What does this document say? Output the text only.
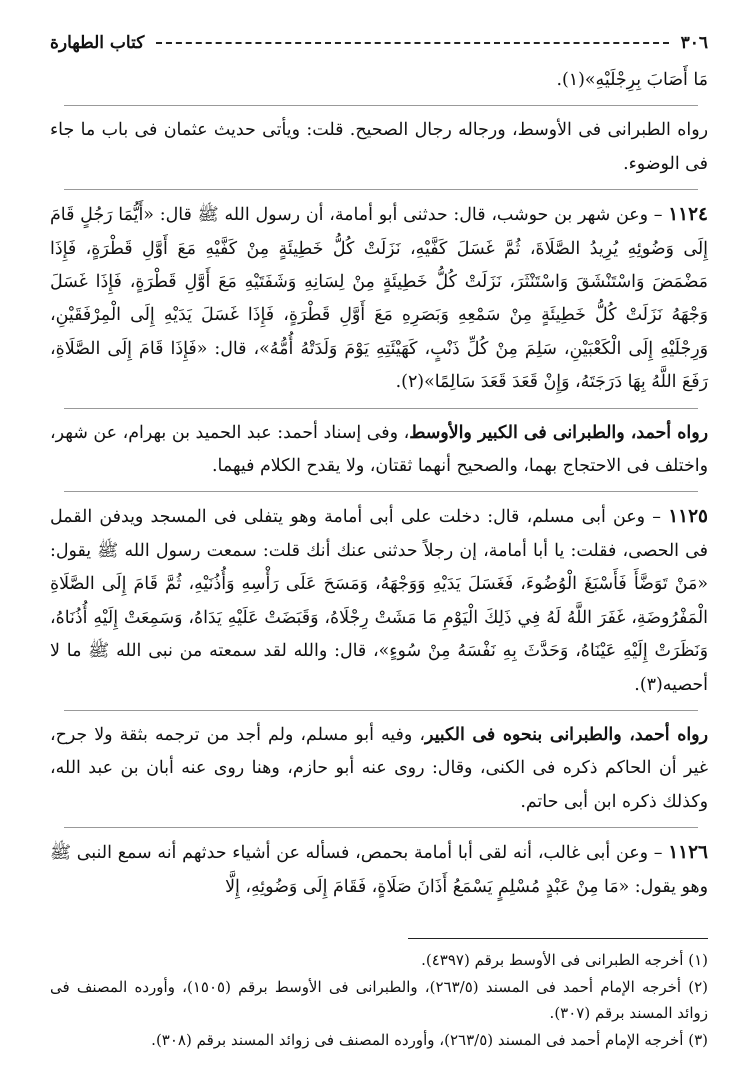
٣٠٦
كتاب الطهارة

مَا أَصَابَ بِرِجْلَيْهِ»(١).

رواه الطبرانى فى الأوسط، ورجاله رجال الصحيح. قلت: ويأتى حديث عثمان فى باب ما جاء فى الوضوء.

١١٢٤ – وعن شهر بن حوشب، قال: حدثنى أبو أمامة، أن رسول الله ﷺ قال: «أَيُّمَا رَجُلٍ قَامَ إِلَى وَضُوئِهِ يُرِيدُ الصَّلَاةَ، ثُمَّ غَسَلَ كَفَّيْهِ، نَزَلَتْ كُلُّ خَطِيئَةٍ مِنْ كَفَّيْهِ مَعَ أَوَّلِ قَطْرَةٍ، فَإِذَا مَضْمَضَ وَاسْتَنْشَقَ وَاسْتَنْثَرَ، نَزَلَتْ كُلُّ خَطِيئَةٍ مِنْ لِسَانِهِ وَشَفَتَيْهِ مَعَ أَوَّلِ قَطْرَةٍ، فَإِذَا غَسَلَ وَجْهَهُ نَزَلَتْ كُلُّ خَطِيئَةٍ مِنْ سَمْعِهِ وَبَصَرِهِ مَعَ أَوَّلِ قَطْرَةٍ، فَإِذَا غَسَلَ يَدَيْهِ إِلَى الْمِرْفَقَيْنِ، وَرِجْلَيْهِ إِلَى الْكَعْبَيْنِ، سَلِمَ مِنْ كُلِّ ذَنْبٍ، كَهَيْئَتِهِ يَوْمَ وَلَدَتْهُ أُمُّهُ»، قال: «فَإِذَا قَامَ إِلَى الصَّلَاةِ، رَفَعَ اللَّهُ بِهَا دَرَجَتَهُ، وَإِنْ قَعَدَ قَعَدَ سَالِمًا»(٢).

رواه أحمد، والطبرانى فى الكبير والأوسط، وفى إسناد أحمد: عبد الحميد بن بهرام، عن شهر، واختلف فى الاحتجاج بهما، والصحيح أنهما ثقتان، ولا يقدح الكلام فيهما.

١١٢٥ – وعن أبى مسلم، قال: دخلت على أبى أمامة وهو يتفلى فى المسجد ويدفن القمل فى الحصى، فقلت: يا أبا أمامة، إن رجلاً حدثنى عنك أنك قلت: سمعت رسول الله ﷺ يقول: «مَنْ تَوَضَّأَ فَأَسْبَغَ الْوُضُوءَ، فَغَسَلَ يَدَيْهِ وَوَجْهَهُ، وَمَسَحَ عَلَى رَأْسِهِ وَأُذُنَيْهِ، ثُمَّ قَامَ إِلَى الصَّلَاةِ الْمَفْرُوضَةِ، غَفَرَ اللَّهُ لَهُ فِي ذَلِكَ الْيَوْمِ مَا مَشَتْ رِجْلَاهُ، وَقَبَضَتْ عَلَيْهِ يَدَاهُ، وَسَمِعَتْ إِلَيْهِ أُذُنَاهُ، وَنَظَرَتْ إِلَيْهِ عَيْنَاهُ، وَحَدَّثَ بِهِ نَفْسَهُ مِنْ سُوءٍ»، قال: والله لقد سمعته من نبى الله ﷺ ما لا أحصيه(٣).

رواه أحمد، والطبرانى بنحوه فى الكبير، وفيه أبو مسلم، ولم أجد من ترجمه بثقة ولا جرح، غير أن الحاكم ذكره فى الكنى، وقال: روى عنه أبو حازم، وهنا روى عنه أبان بن عبد الله، وكذلك ذكره ابن أبى حاتم.

١١٢٦ – وعن أبى غالب، أنه لقى أبا أمامة بحمص، فسأله عن أشياء حدثهم أنه سمع النبى ﷺ وهو يقول: «مَا مِنْ عَبْدٍ مُسْلِمٍ يَسْمَعُ أَذَانَ صَلَاةٍ، فَقَامَ إِلَى وَضُوئِهِ، إِلَّا

(١) أخرجه الطبرانى فى الأوسط برقم (٤٣٩٧).

(٢) أخرجه الإمام أحمد فى المسند (٢٦٣/٥)، والطبرانى فى الأوسط برقم (١٥٠٥)، وأورده المصنف فى زوائد المسند برقم (٣٠٧).

(٣) أخرجه الإمام أحمد فى المسند (٢٦٣/٥)، وأورده المصنف فى زوائد المسند برقم (٣٠٨).
